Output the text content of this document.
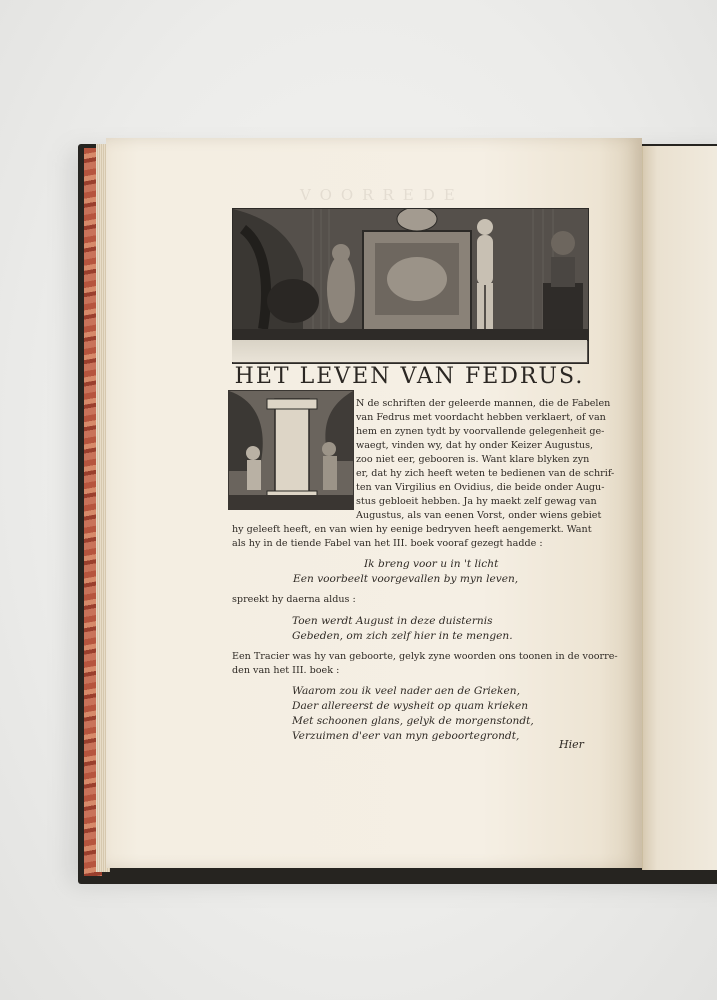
VOORREDE
HET LEVEN VAN FEDRUS.
N de schriften der geleerde mannen, die de Fabelen
van Fedrus met voordacht hebben verklaert, of van
hem en zynen tydt by voorvallende gelegenheit ge-
waegt, vinden wy, dat hy onder Keizer Augustus,
zoo niet eer, gebooren is. Want klare blyken zyn
er, dat hy zich heeft weten te bedienen van de schrif-
ten van Virgilius en Ovidius, die beide onder Augu-
stus gebloeit hebben. Ja hy maekt zelf gewag van
Augustus, als van eenen Vorst, onder wiens gebiet
hy geleeft heeft, en van wien hy eenige bedryven heeft aengemerkt. Want
als hy in de tiende Fabel van het III. boek vooraf gezegt hadde :
Ik breng voor u in 't licht
Een voorbeelt voorgevallen by myn leven,
spreekt hy daerna aldus :
Toen werdt August in deze duisternis
Gebeden, om zich zelf hier in te mengen.
Een Tracier was hy van geboorte, gelyk zyne woorden ons toonen in de voorre-
den van het III. boek :
Waarom zou ik veel nader aen de Grieken,
Daer allereerst de wysheit op quam krieken
Met schoonen glans, gelyk de morgenstondt,
Verzuimen d'eer van myn geboortegrondt,
Hier
